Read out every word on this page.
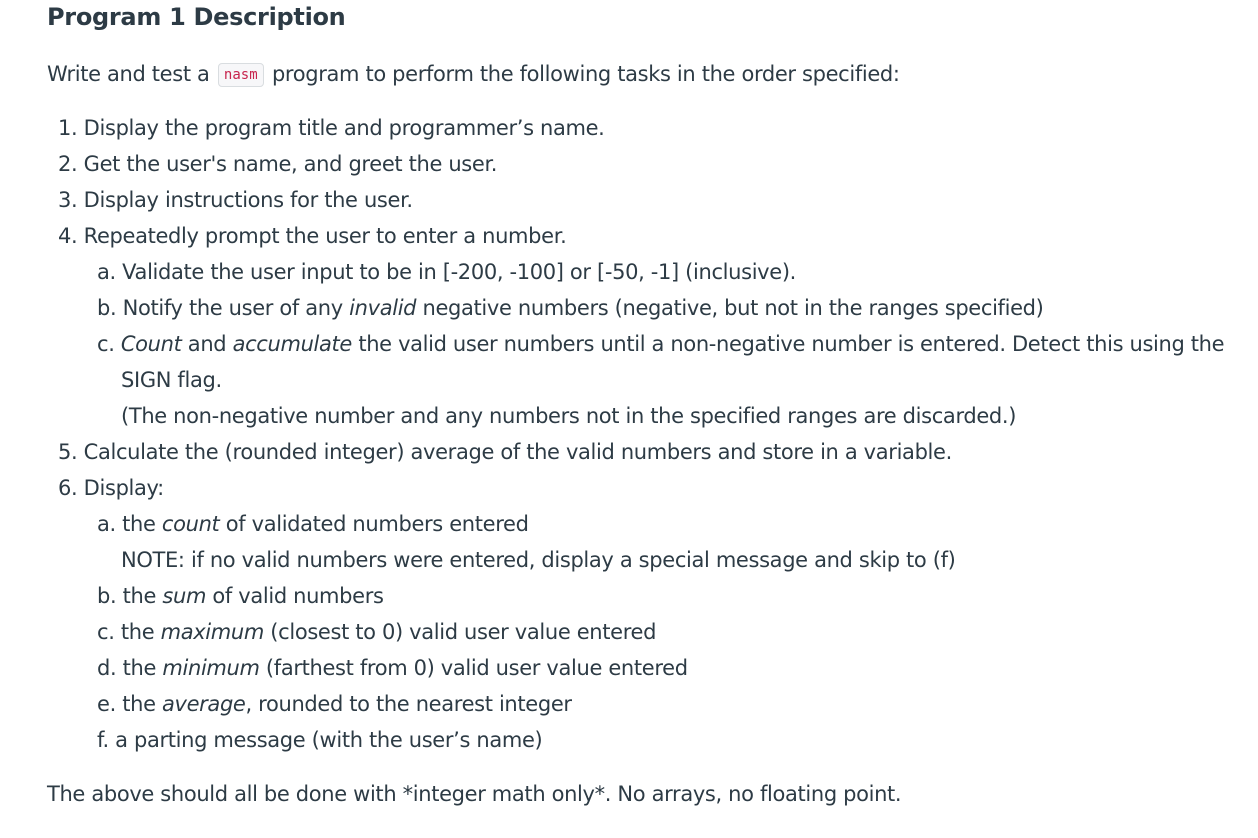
Program 1 Description
Write and test a nasm program to perform the following tasks in the order specified:
1. Display the program title and programmer’s name.
2. Get the user's name, and greet the user.
3. Display instructions for the user.
4. Repeatedly prompt the user to enter a number.
a. Validate the user input to be in [-200, -100] or [-50, -1] (inclusive).
b. Notify the user of any invalid negative numbers (negative, but not in the ranges specified)
c. Count and accumulate the valid user numbers until a non-negative number is entered. Detect this using the
SIGN flag.
(The non-negative number and any numbers not in the specified ranges are discarded.)
5. Calculate the (rounded integer) average of the valid numbers and store in a variable.
6. Display:
a. the count of validated numbers entered
NOTE: if no valid numbers were entered, display a special message and skip to (f)
b. the sum of valid numbers
c. the maximum (closest to 0) valid user value entered
d. the minimum (farthest from 0) valid user value entered
e. the average, rounded to the nearest integer
f. a parting message (with the user’s name)
The above should all be done with *integer math only*. No arrays, no floating point.
